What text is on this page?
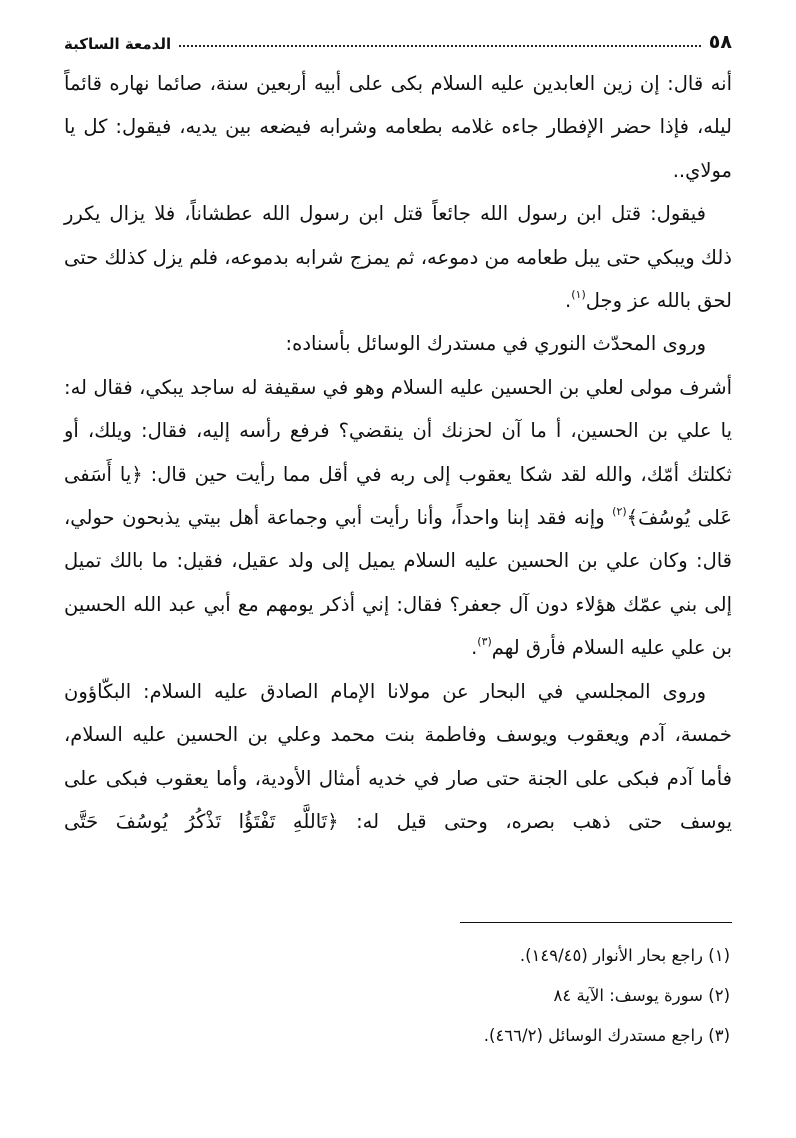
٥٨
الدمعة الساكبة

أنه قال: إن زين العابدين عليه السلام بكى على أبيه أربعين سنة، صائما نهاره قائماً ليله، فإذا حضر الإفطار جاءه غلامه بطعامه وشرابه فيضعه بين يديه، فيقول: كل يا مولاي..

فيقول: قتل ابن رسول الله جائعاً قتل ابن رسول الله عطشاناً، فلا يزال يكرر ذلك ويبكي حتى يبل طعامه من دموعه، ثم يمزج شرابه بدموعه، فلم يزل كذلك حتى لحق بالله عز وجل$^{(١)}$.

وروى المحدّث النوري في مستدرك الوسائل بأسناده:

أشرف مولى لعلي بن الحسين عليه السلام وهو في سقيفة له ساجد يبكي، فقال له: يا علي بن الحسين، أ ما آن لحزنك أن ينقضي؟ فرفع رأسه إليه، فقال: ويلك، أو ثكلتك أمّك، والله لقد شكا يعقوب إلى ربه في أقل مما رأيت حين قال: ﴿يا أَسَفى عَلى يُوسُفَ﴾$^{(٢)}$ وإنه فقد إبنا واحداً، وأنا رأيت أبي وجماعة أهل بيتي يذبحون حولي، قال: وكان علي بن الحسين عليه السلام يميل إلى ولد عقيل، فقيل: ما بالك تميل إلى بني عمّك هؤلاء دون آل جعفر؟ فقال: إني أذكر يومهم مع أبي عبد الله الحسين بن علي عليه السلام فأرق لهم$^{(٣)}$.

وروى المجلسي في البحار عن مولانا الإمام الصادق عليه السلام: البكّاؤون خمسة، آدم ويعقوب ويوسف وفاطمة بنت محمد وعلي بن الحسين عليه السلام، فأما آدم فبكى على الجنة حتى صار في خديه أمثال الأودية، وأما يعقوب فبكى على يوسف حتى ذهب بصره، وحتى قيل له: ﴿تَاللَّهِ تَفْتَؤُا تَذْكُرُ يُوسُفَ حَتَّى

(١) راجع بحار الأنوار (١٤٩/٤٥).

(٢) سورة يوسف: الآية ٨٤

(٣) راجع مستدرك الوسائل (٤٦٦/٢).
